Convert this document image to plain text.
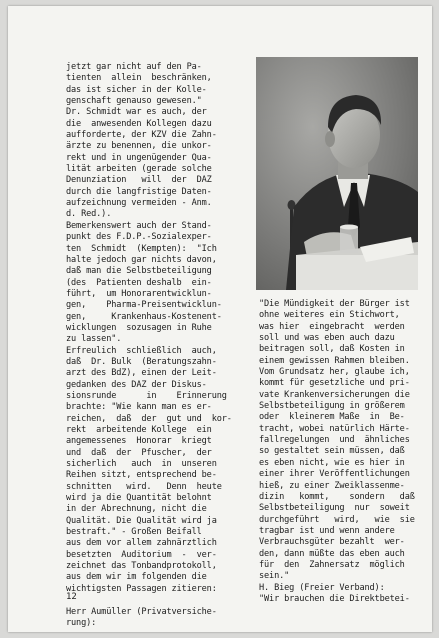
jetzt gar nicht auf den Pa-
tienten  allein  beschränken,
das ist sicher in der Kolle-
genschaft genauso gewesen."
Dr. Schmidt war es auch, der
die  anwesenden Kollegen dazu
aufforderte, der KZV die Zahn-
ärzte zu benennen, die unkor-
rekt und in ungenügender Qua-
lität arbeiten (gerade solche
Denunziation   will  der  DAZ
durch die langfristige Daten-
aufzeichnung vermeiden - Anm.
d. Red.).
Bemerkenswert auch der Stand-
punkt des F.D.P.-Sozialexper-
ten  Schmidt  (Kempten):  "Ich
halte jedoch gar nichts davon,
daß man die Selbstbeteiligung
(des  Patienten deshalb  ein-
führt,  um Honorarentwicklun-
gen,    Pharma-Preisentwicklun-
gen,     Krankenhaus-Kostenent-
wicklungen  sozusagen in Ruhe
zu lassen".
Erfreulich  schließlich  auch,
daß  Dr. Bulk  (Beratungszahn-
arzt des BdZ), einen der Leit-
gedanken des DAZ der Diskus-
sionsrunde      in    Erinnerung
brachte: "Wie kann man es er-
reichen,  daß  der  gut und  kor-
rekt  arbeitende Kollege  ein
angemessenes  Honorar  kriegt
und  daß  der  Pfuscher,  der
sicherlich   auch  in  unseren
Reihen sitzt, entsprechend be-
schnitten   wird.   Denn  heute
wird ja die Quantität belohnt
in der Abrechnung, nicht die
Qualität. Die Qualität wird ja
bestraft." - Großen Beifall
aus dem vor allem zahnärztlich
besetzten  Auditorium  -  ver-
zeichnet das Tonbandprotokoll,
aus dem wir im folgenden die
wichtigsten Passagen zitieren:
Herr Aumüller (Privatversiche-
rung):
"Die Mündigkeit der Bürger ist
ohne weiteres ein Stichwort,
was hier  eingebracht  werden
soll und was eben auch dazu
beitragen soll, daß Kosten in
einem gewissen Rahmen bleiben.
Vom Grundsatz her, glaube ich,
kommt für gesetzliche und pri-
vate Krankenversicherungen die
Selbstbeteiligung in größerem
oder  kleinerem Maße  in  Be-
tracht, wobei natürlich Härte-
fallregelungen  und  ähnliches
so gestaltet sein müssen, daß
es eben nicht, wie es hier in
einer ihrer Veröffentlichungen
hieß, zu einer Zweiklassenme-
dizin   kommt,    sondern   daß
Selbstbeteiligung  nur  soweit
durchgeführt   wird,   wie  sie
tragbar ist und wenn andere
Verbrauchsgüter bezahlt  wer-
den, dann müßte das eben auch
für  den  Zahnersatz  möglich
sein."
H. Bieg (Freier Verband):
"Wir brauchen die Direktbetei-
12
